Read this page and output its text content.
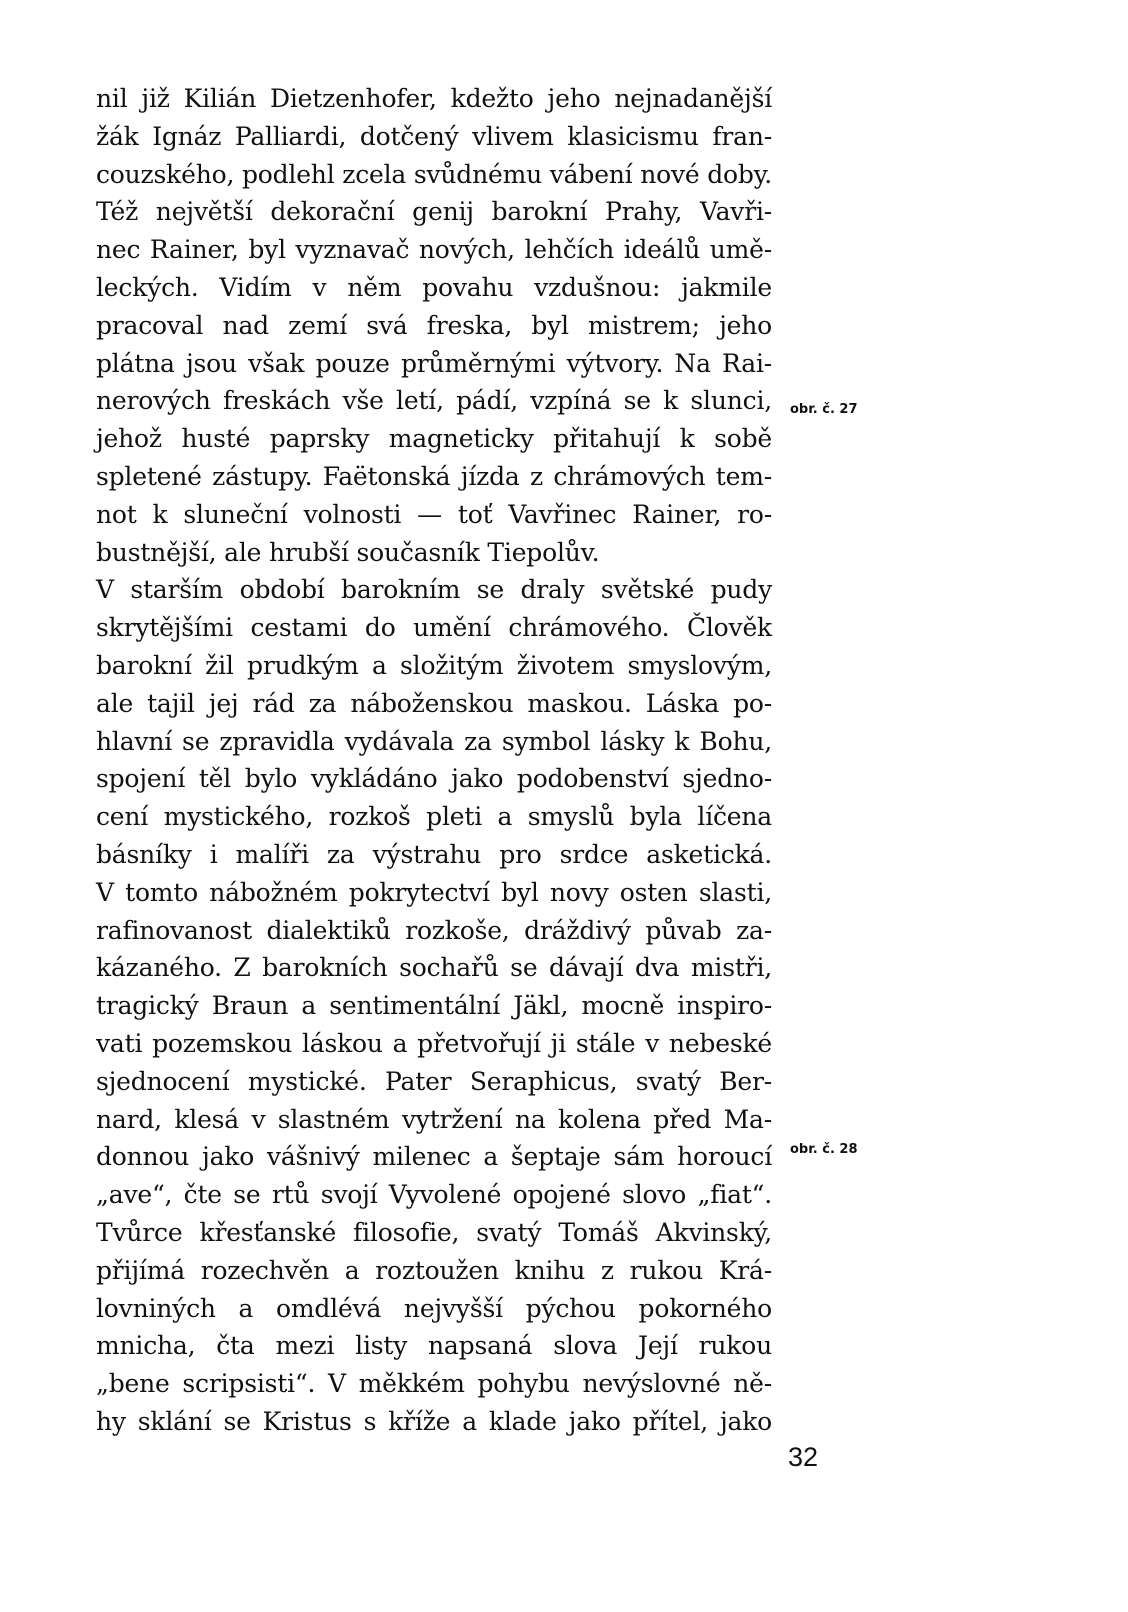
nil již Kilián Dietzenhofer, kdežto jeho nejnadanější
žák Ignáz Palliardi, dotčený vlivem klasicismu fran-
couzského, podlehl zcela svůdnému vábení nové doby.
Též největší dekorační genij barokní Prahy, Vavři-
nec Rainer, byl vyznavač nových, lehčích ideálů umě-
leckých. Vidím v něm povahu vzdušnou: jakmile
pracoval nad zemí svá freska, byl mistrem; jeho
plátna jsou však pouze průměrnými výtvory. Na Rai-
nerových freskách vše letí, pádí, vzpíná se k slunci,
jehož husté paprsky magneticky přitahují k sobě
spletené zástupy. Faëtonská jízda z chrámových tem-
not k sluneční volnosti — toť Vavřinec Rainer, ro-
bustnější, ale hrubší současník Tiepolův.
V starším období barokním se draly světské pudy
skrytějšími cestami do umění chrámového. Člověk
barokní žil prudkým a složitým životem smyslovým,
ale tajil jej rád za náboženskou maskou. Láska po-
hlavní se zpravidla vydávala za symbol lásky k Bohu,
spojení těl bylo vykládáno jako podobenství sjedno-
cení mystického, rozkoš pleti a smyslů byla líčena
básníky i malíři za výstrahu pro srdce asketická.
V tomto nábožném pokrytectví byl novy osten slasti,
rafinovanost dialektiků rozkoše, dráždivý půvab za-
kázaného. Z barokních sochařů se dávají dva mistři,
tragický Braun a sentimentální Jäkl, mocně inspiro-
vati pozemskou láskou a přetvořují ji stále v nebeské
sjednocení mystické. Pater Seraphicus, svatý Ber-
nard, klesá v slastném vytržení na kolena před Ma-
donnou jako vášnivý milenec a šeptaje sám horoucí
„ave“, čte se rtů svojí Vyvolené opojené slovo „fiat“.
Tvůrce křesťanské filosofie, svatý Tomáš Akvinský,
přijímá rozechvěn a roztoužen knihu z rukou Krá-
lovniných a omdlévá nejvyšší pýchou pokorného
mnicha, čta mezi listy napsaná slova Její rukou
„bene scripsisti“. V měkkém pohybu nevýslovné ně-
hy sklání se Kristus s kříže a klade jako přítel, jako
obr. č. 27
obr. č. 28
32
